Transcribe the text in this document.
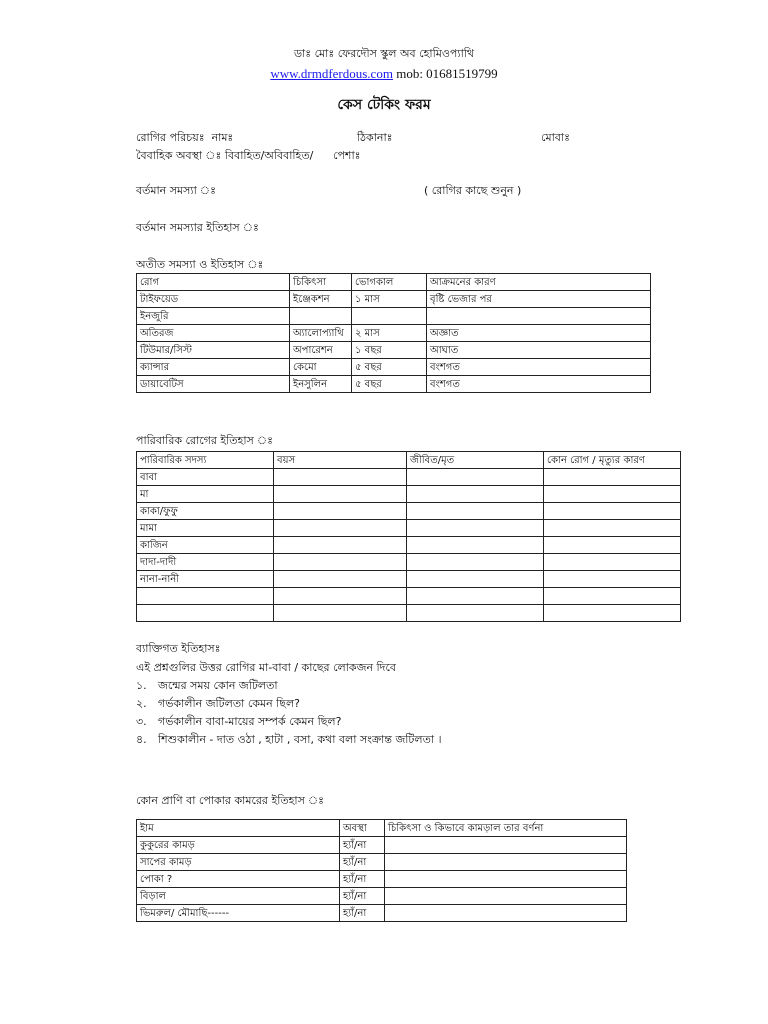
ডাঃ মোঃ ফেরদৌস স্কুল অব হোমিওপ্যাথি
www.drmdferdous.com mob: 01681519799
কেস টেকিং ফরম
রোগির পরিচয়ঃ নামঃ	ঠিকানাঃ	মোবাঃ
বৈবাহিক অবস্থা ঃ বিবাহিত/অবিবাহিত/ পেশাঃ
বর্তমান সমস্যা ঃ	( রোগির কাছে শুনুন )
বর্তমান সমস্যার ইতিহাস ঃ
অতীত সমস্যা ও ইতিহাস ঃ
রোগ	চিকিৎসা	ভোগকাল	আক্রমনের কারণ
টাইফয়েড	ইঞ্জেকশন	১ মাস	বৃষ্টি ভেজার পর
ইনজুরি			
অতিরজ	অ্যালোপ্যাথি	২ মাস	অজ্ঞাত
টিউমার/সিস্ট	অপারেশন	১ বছর	আঘাত
ক্যান্সার	কেমো	৫ বছর	বংশগত
ডায়াবেটিস	ইনসুলিন	৫ বছর	বংশগত
পারিবারিক রোগের ইতিহাস ঃ
পারিবারিক সদস্য	বয়স	জীবিত/মৃত	কোন রোগ / মৃত্যুর কারণ
বাবা			
মা			
কাকা/ফুফু			
মামা			
কাজিন			
দাদা-দাদী			
নানা-নানী			

ব্যাক্তিগত ইতিহাসঃ
এই প্রশ্নগুলির উত্তর রোগির মা-বাবা / কাছের লোকজন দিবে
১. জন্মের সময় কোন জটিলতা
২. গর্ভকালীন জটিলতা কেমন ছিল?
৩. গর্ভকালীন বাবা-মায়ের সম্পর্ক কেমন ছিল?
৪. শিশুকালীন - দাত ওঠা , হাটা , বসা, কথা বলা সংক্রান্ত জটিলতা ।
কোন প্রাণি বা পোকার কামরের ইতিহাস ঃ
ইাম	অবস্থা	চিকিৎসা ও কিভাবে কামড়াল তার বর্ণনা
কুকুরের কামড়	হ্যাঁ/না	
সাপের কামড়	হ্যাঁ/না	
পোকা ?	হ্যাঁ/না	
বিড়াল	হ্যাঁ/না	
ভিমরুল/ মৌমাছি------	হ্যাঁ/না	
